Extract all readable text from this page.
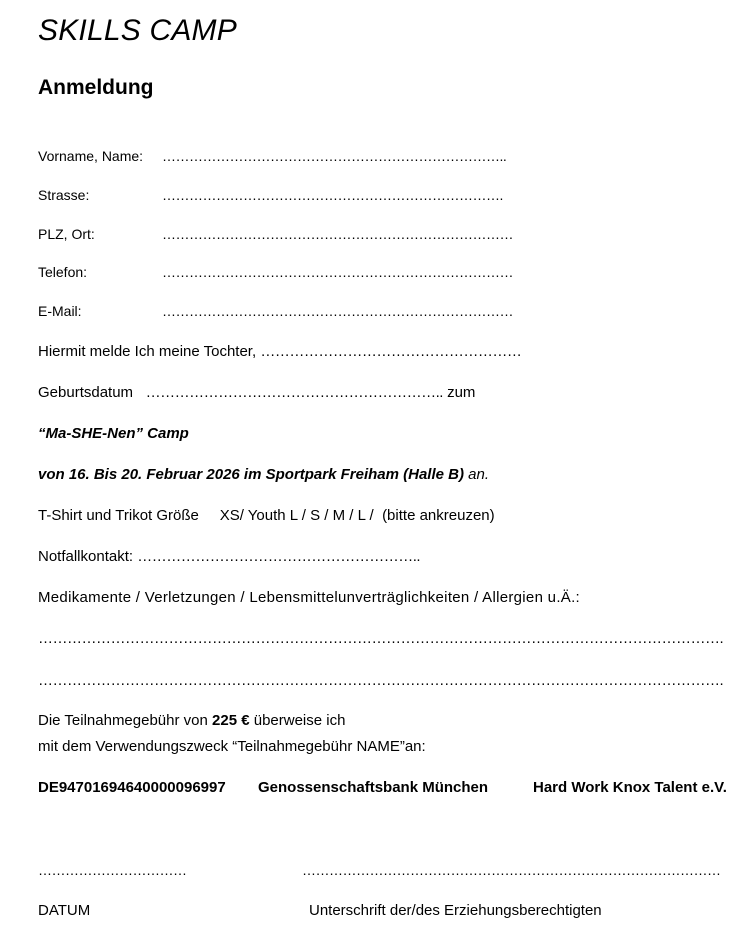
SKILLS CAMP
Anmeldung
Vorname, Name: …………………………………………………………………..
Strasse:	………………………………………………………………….
PLZ, Ort:	……………………………………………………………………
Telefon:	……………………………………………………………………
E-Mail:	……………………………………………………………………
Hiermit melde Ich meine Tochter, ………………………………………………
Geburtsdatum …………………………………………………….. zum
“Ma-SHE-Nen” Camp
von 16. Bis 20. Februar 2026 im Sportpark Freiham (Halle B) an.
T-Shirt und Trikot Größe XS/ Youth L / S / M / L / (bitte ankreuzen)
Notfallkontakt: …………………………………………………..
Medikamente / Verletzungen / Lebensmittelunverträglichkeiten / Allergien u.Ä.:
…………………………………………………………………………………………………………………………….
…………………………………………………………………………………………………………………………….
Die Teilnahmegebühr von 225 € überweise ich
mit dem Verwendungszweck “Teilnahmegebühr NAME”an:
DE94701694640000096997 Genossenschaftsbank München	Hard Work Knox Talent e.V.
……………………………	…………………………………………………………………………………
DATUM	Unterschrift der/des Erziehungsberechtigten
